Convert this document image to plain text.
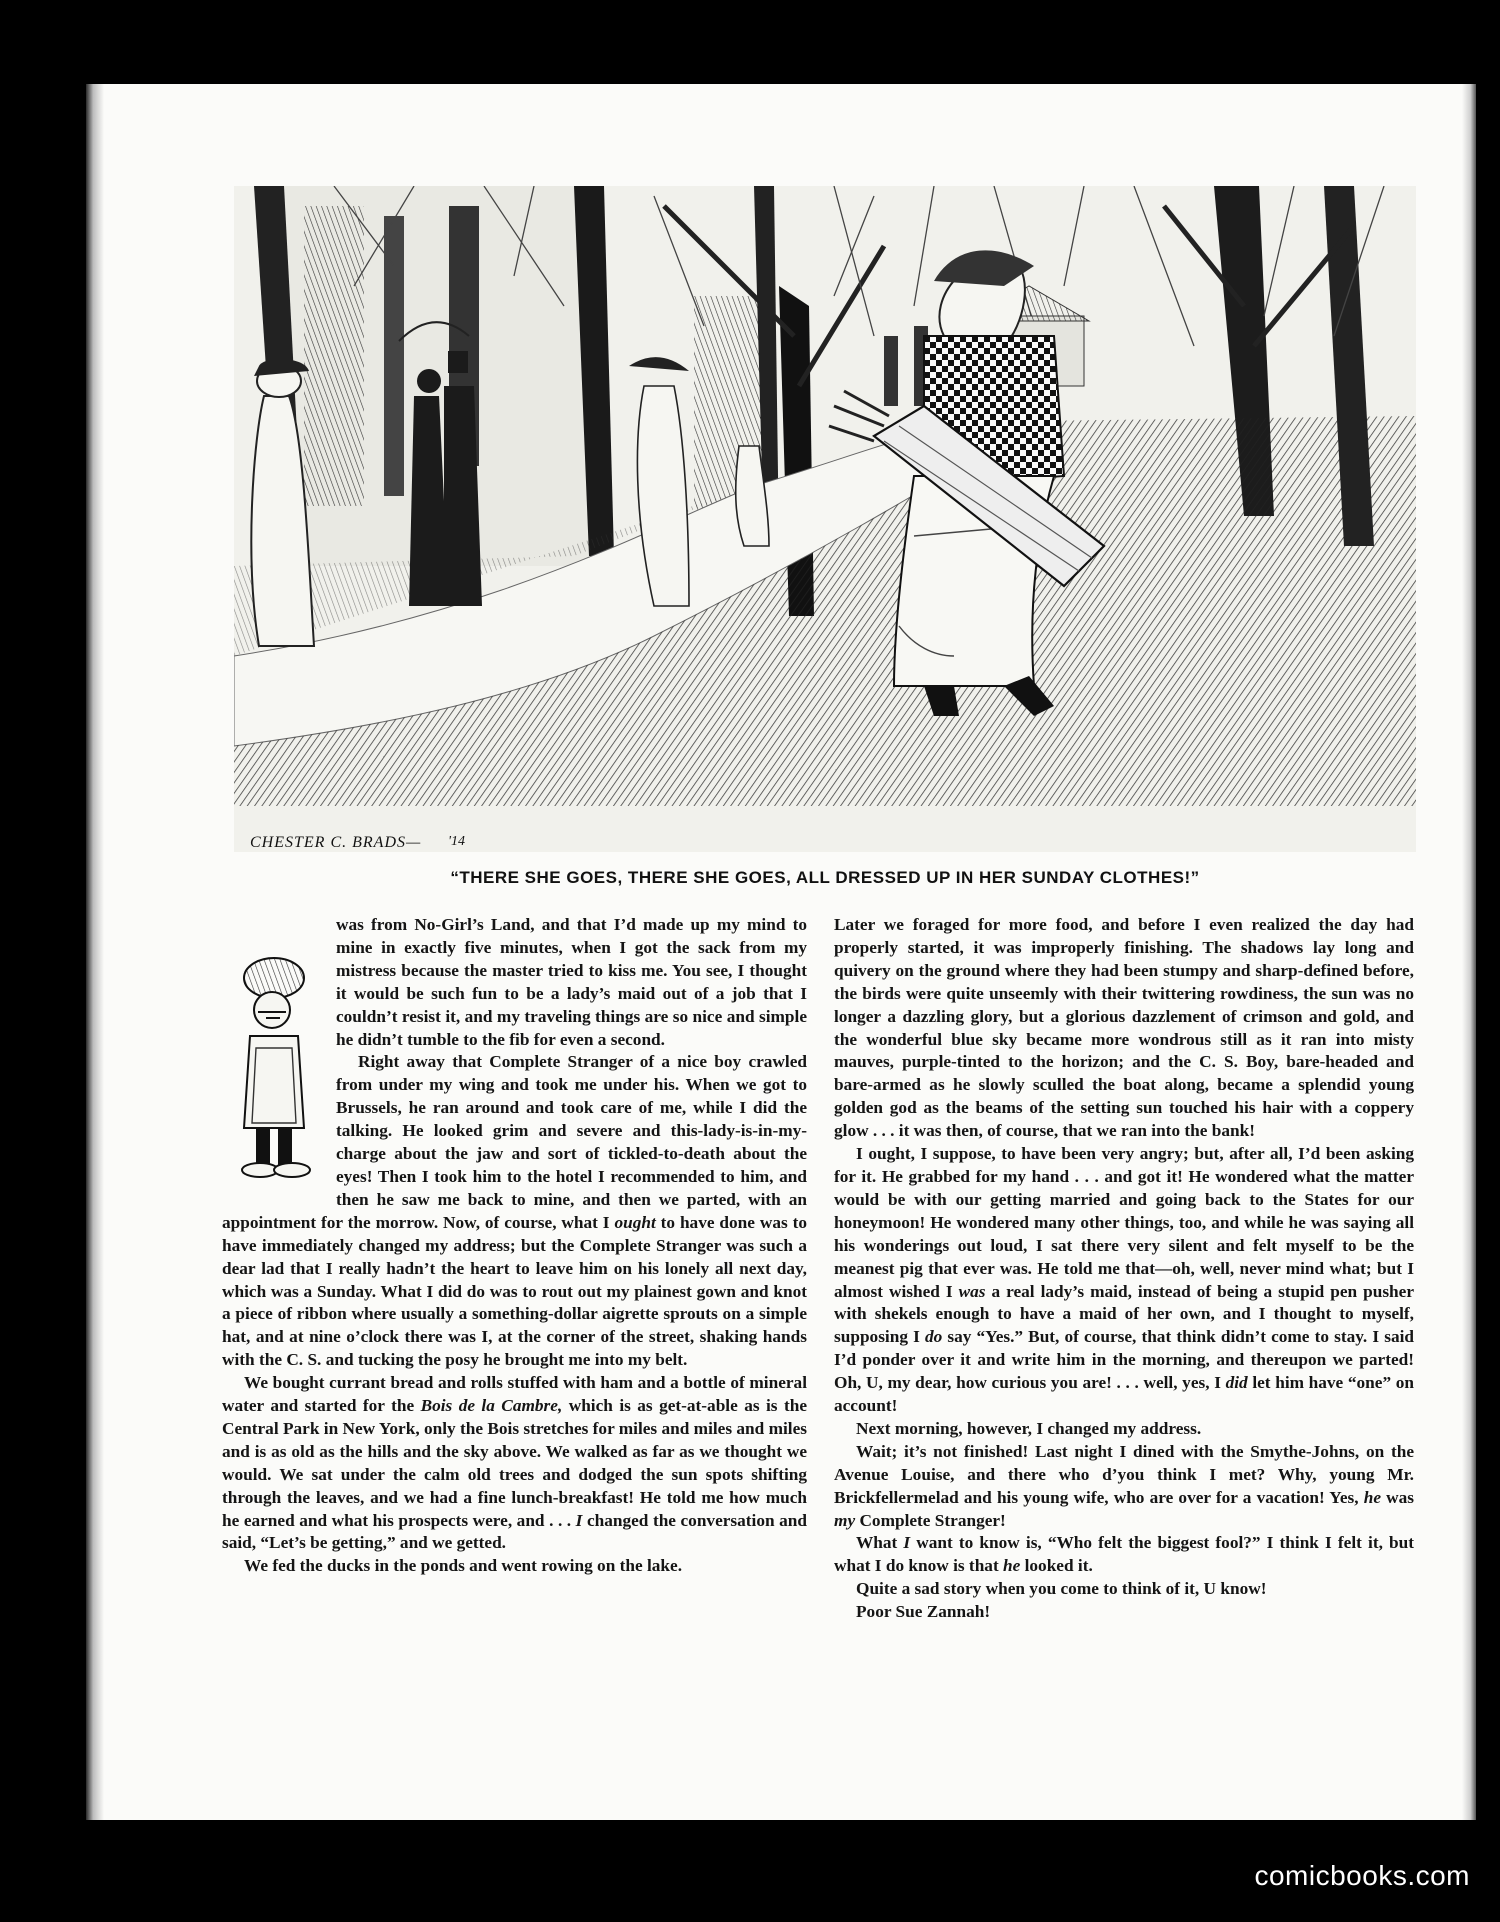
CHESTER C. BRADS— '14
“THERE SHE GOES, THERE SHE GOES, ALL DRESSED UP IN HER SUNDAY CLOTHES!”

was from No-Girl’s Land, and that I’d made up my mind to mine in exactly five minutes, when I got the sack from my mistress because the master tried to kiss me. You see, I thought it would be such fun to be a lady’s maid out of a job that I couldn’t resist it, and my traveling things are so nice and simple he didn’t tumble to the fib for even a second.

Right away that Complete Stranger of a nice boy crawled from under my wing and took me under his. When we got to Brussels, he ran around and took care of me, while I did the talking. He looked grim and severe and this-lady-is-in-my-charge about the jaw and sort of tickled-to-death about the eyes! Then I took him to the hotel I recommended to him, and then he saw me back to mine, and then we parted, with an appointment for the morrow. Now, of course, what I ought to have done was to have immediately changed my address; but the Complete Stranger was such a dear lad that I really hadn’t the heart to leave him on his lonely all next day, which was a Sunday. What I did do was to rout out my plainest gown and knot a piece of ribbon where usually a something-dollar aigrette sprouts on a simple hat, and at nine o’clock there was I, at the corner of the street, shaking hands with the C. S. and tucking the posy he brought me into my belt.

We bought currant bread and rolls stuffed with ham and a bottle of mineral water and started for the Bois de la Cambre, which is as get-at-able as is the Central Park in New York, only the Bois stretches for miles and miles and miles and is as old as the hills and the sky above. We walked as far as we thought we would. We sat under the calm old trees and dodged the sun spots shifting through the leaves, and we had a fine lunch-breakfast! He told me how much he earned and what his prospects were, and . . . I changed the conversation and said, “Let’s be getting,” and we getted.

We fed the ducks in the ponds and went rowing on the lake.

Later we foraged for more food, and before I even realized the day had properly started, it was improperly finishing. The shadows lay long and quivery on the ground where they had been stumpy and sharp-defined before, the birds were quite unseemly with their twittering rowdiness, the sun was no longer a dazzling glory, but a glorious dazzlement of crimson and gold, and the wonderful blue sky became more wondrous still as it ran into misty mauves, purple-tinted to the horizon; and the C. S. Boy, bare-headed and bare-armed as he slowly sculled the boat along, became a splendid young golden god as the beams of the setting sun touched his hair with a coppery glow . . . it was then, of course, that we ran into the bank!

I ought, I suppose, to have been very angry; but, after all, I’d been asking for it. He grabbed for my hand . . . and got it! He wondered what the matter would be with our getting married and going back to the States for our honeymoon! He wondered many other things, too, and while he was saying all his wonderings out loud, I sat there very silent and felt myself to be the meanest pig that ever was. He told me that—oh, well, never mind what; but I almost wished I was a real lady’s maid, instead of being a stupid pen pusher with shekels enough to have a maid of her own, and I thought to myself, supposing I do say “Yes.” But, of course, that think didn’t come to stay. I said I’d ponder over it and write him in the morning, and thereupon we parted! Oh, U, my dear, how curious you are! . . . well, yes, I did let him have “one” on account!

Next morning, however, I changed my address.

Wait; it’s not finished! Last night I dined with the Smythe-Johns, on the Avenue Louise, and there who d’you think I met? Why, young Mr. Brickfellermelad and his young wife, who are over for a vacation! Yes, he was my Complete Stranger!

What I want to know is, “Who felt the biggest fool?” I think I felt it, but what I do know is that he looked it.

Quite a sad story when you come to think of it, U know!

Poor Sue Zannah!

comicbooks.com
